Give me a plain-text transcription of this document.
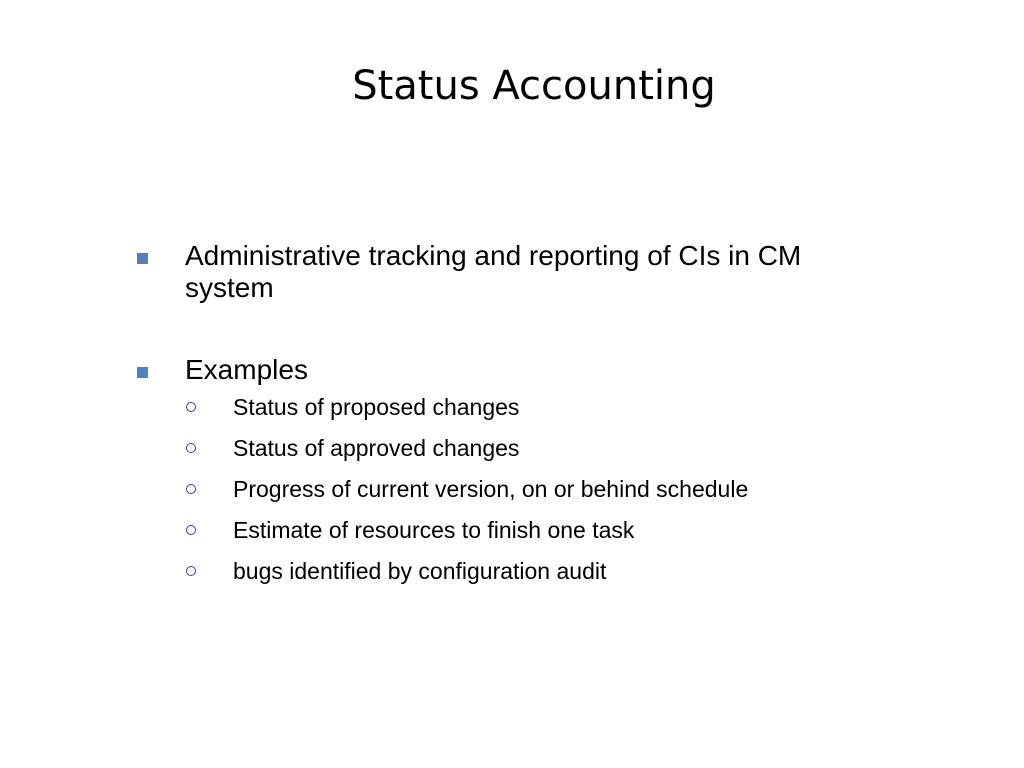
Status Accounting
Administrative tracking and reporting of CIs in CM
system
Examples
Status of proposed changes
Status of approved changes
Progress of current version, on or behind schedule
Estimate of resources to finish one task
bugs identified by configuration audit
